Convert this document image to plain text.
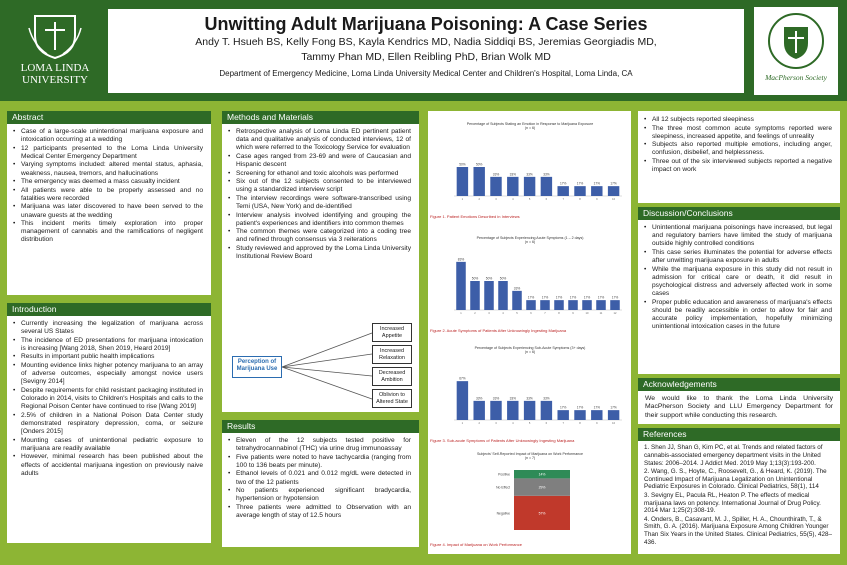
LOMA LINDA
UNIVERSITY
Unwitting Adult Marijuana Poisoning: A Case Series
Andy T. Hsueh BS, Kelly Fong BS, Kayla Kendrics MD, Nadia Siddiqi BS, Jeremias Georgiadis MD,
Tammy Phan MD, Ellen Reibling PhD, Brian Wolk MD
Department of Emergency Medicine, Loma Linda University Medical Center and Children's Hospital, Loma Linda, CA	MacPherson Society
Abstract
• Case of a large-scale unintentional marijuana exposure and intoxication occurring at a wedding
• 12 participants presented to the Loma Linda University Medical Center Emergency Department
• Varying symptoms included: altered mental status, aphasia, weakness, nausea, tremors, and hallucinations
• The emergency was deemed a mass casualty incident
• All patients were able to be properly assessed and no fatalities were recorded
• Marijuana was later discovered to have been served to the unaware guests at the wedding
• This incident merits timely exploration into proper management of cannabis and the ramifications of negligent distribution
Introduction
• Currently increasing the legalization of marijuana across several US States
• The incidence of ED presentations for marijuana intoxication is increasing [Wang 2018, Shen 2019, Heard 2019]
• Results in important public health implications
• Mounting evidence links higher potency marijuana to an array of adverse outcomes, especially amongst novice users [Sevigny 2014]
• Despite requirements for child resistant packaging instituted in Colorado in 2014, visits to Children's Hospitals and calls to the Regional Poison Center have continued to rise [Wang 2019]
• 2.5% of children in a National Poison Data Center study demonstrated respiratory depression, coma, or seizure [Onders 2015]
• Mounting cases of unintentional pediatric exposure to marijuana are readily available
• However, minimal research has been published about the effects of accidental marijuana ingestion on previously naive adults
Methods and Materials
• Retrospective analysis of Loma Linda ED pertinent patient data and qualitative analysis of conducted interviews, 12 of which were referred to the Toxicology Service for evaluation
• Case ages ranged from 23-69 and were of Caucasian and Hispanic descent
• Screening for ethanol and toxic alcohols was performed
• Six out of the 12 subjects consented to be interviewed using a standardized interview script
• The interview recordings were software-transcribed using Temi (USA, New York) and de-identified
• Interview analysis involved identifying and grouping the patient's experiences and identifiers into common themes
• The common themes were categorized into a coding tree and refined through consensus via 3 reiterations
• Study reviewed and approved by the Loma Linda University Institutional Review Board
Perception of Marijuana Use
Increased Appetite
Increased Relaxation
Decreased Ambition
Oblivion to Altered State
Results
• Eleven of the 12 subjects tested positive for tetrahydrocannabinol (THC) via urine drug immunoassay
• Five patients were noted to have tachycardia (ranging from 100 to 136 beats per minute).
• Ethanol levels of 0.021 and 0.012 mg/dL were detected in two of the 12 patients
• No patients experienced significant bradycardia, hypertension or hypotension
• Three patients were admitted to Observation with an average length of stay of 12.5 hours
Percentage of Subjects Stating an Emotion in Response to Marijuana Exposure
(n = 6)
50%
1
50%
2
33%
3
33%
4
33%
5
33%
6
17%
7
17%
8
17%
9
17%
10
Figure 1. Patient Emotions Described in Interviews
Percentage of Subjects Experiencing Acute Symptoms (1 – 2 days)
(n = 6)
83%
1
50%
2
50%
3
50%
4
33%
5
17%
6
17%
7
17%
8
17%
9
17%
10
17%
11
17%
12
Figure 2. Acute Symptoms of Patients After Unknowingly Ingesting Marijuana
Percentage of Subjects Experiencing Sub-Acute Symptoms (3+ days)
(n = 6)
67%
1
33%
2
33%
3
33%
4
33%
5
33%
6
17%
7
17%
8
17%
9
17%
10
Figure 3. Sub-acute Symptoms of Patients After Unknowingly Ingesting Marijuana
Subjects' Self-Reported Impact of Marijuana on Work Performance
(n = 7)
57%
Negative
29%
No Effect
14%
Positive
Figure 4. Impact of Marijuana on Work Performance
• All 12 subjects reported sleepiness
• The three most common acute symptoms reported were sleepiness, increased appetite, and feelings of unreality
• Subjects also reported multiple emotions, including anger, confusion, disbelief, and helplessness.
• Three out of the six interviewed subjects reported a negative impact on work
Discussion/Conclusions
• Unintentional marijuana poisonings have increased, but legal and regulatory barriers have limited the study of marijuana outside highly controlled conditions
• This case series illuminates the potential for adverse effects after unwitting marijuana exposure in adults
• While the marijuana exposure in this study did not result in admission for critical care or death, it did result in psychological distress and adversely affected work in some cases
• Proper public education and awareness of marijuana's effects should be readily accessible in order to allow for fair and accurate policy implementation, hopefully minimizing unintentional intoxication cases in the future
Acknowledgements
We would like to thank the Loma Linda University MacPherson Society and LLU Emergency Department for their support while conducting this research.
References

1. Shen JJ, Shan G, Kim PC, et al. Trends and related factors of cannabis-associated emergency department visits in the United States: 2006–2014. J Addict Med. 2019 May 1;13(3):193-200.

2. Wang, G. S., Hoyte, C., Roosevelt, G., & Heard, K. (2019). The Continued Impact of Marijuana Legalization on Unintentional Pediatric Exposures in Colorado. Clinical Pediatrics, 58(1), 114

3. Sevigny EL, Pacula RL, Heaton P. The effects of medical marijuana laws on potency. International Journal of Drug Policy. 2014 Mar 1;25(2):308-19.

4. Onders, B., Casavant, M. J., Spiller, H. A., Chounthirath, T., & Smith, G. A. (2016). Marijuana Exposure Among Children Younger Than Six Years in the United States. Clinical Pediatrics, 55(5), 428–436.
